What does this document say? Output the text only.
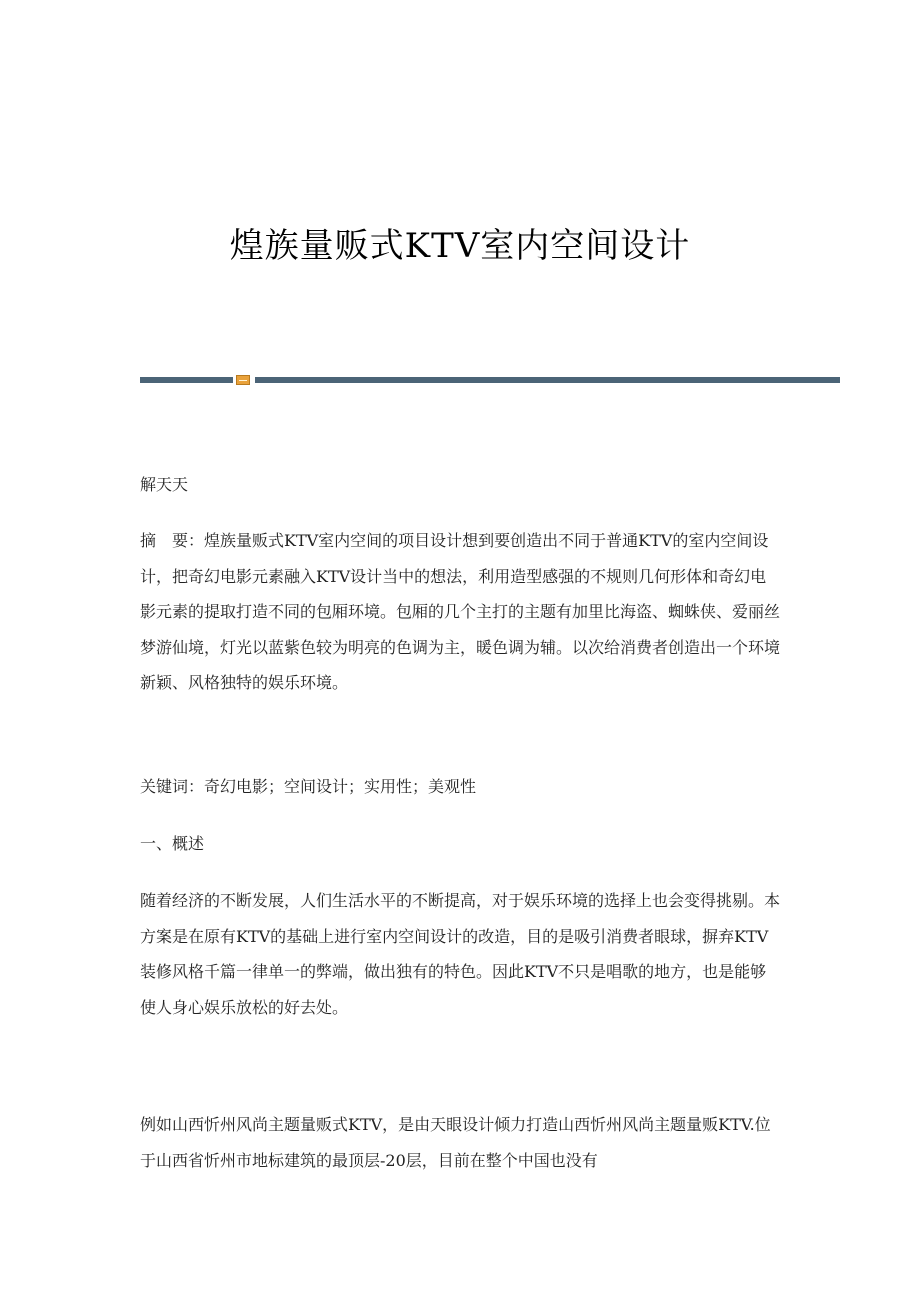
煌族量贩式KTV室内空间设计
解天天
摘　要：煌族量贩式KTV室内空间的项目设计想到要创造出不同于普通KTV的室内空间设计，把奇幻电影元素融入KTV设计当中的想法，利用造型感强的不规则几何形体和奇幻电影元素的提取打造不同的包厢环境。包厢的几个主打的主题有加里比海盗、蜘蛛侠、爱丽丝梦游仙境，灯光以蓝紫色较为明亮的色调为主，暖色调为辅。以次给消费者创造出一个环境新颖、风格独特的娱乐环境。
关键词：奇幻电影；空间设计；实用性；美观性
一、概述
随着经济的不断发展，人们生活水平的不断提高，对于娱乐环境的选择上也会变得挑剔。本方案是在原有KTV的基础上进行室内空间设计的改造，目的是吸引消费者眼球，摒弃KTV装修风格千篇一律单一的弊端，做出独有的特色。因此KTV不只是唱歌的地方，也是能够使人身心娱乐放松的好去处。
例如山西忻州风尚主题量贩式KTV，是由天眼设计倾力打造山西忻州风尚主题量贩KTV.位于山西省忻州市地标建筑的最顶层-20层，目前在整个中国也没有
